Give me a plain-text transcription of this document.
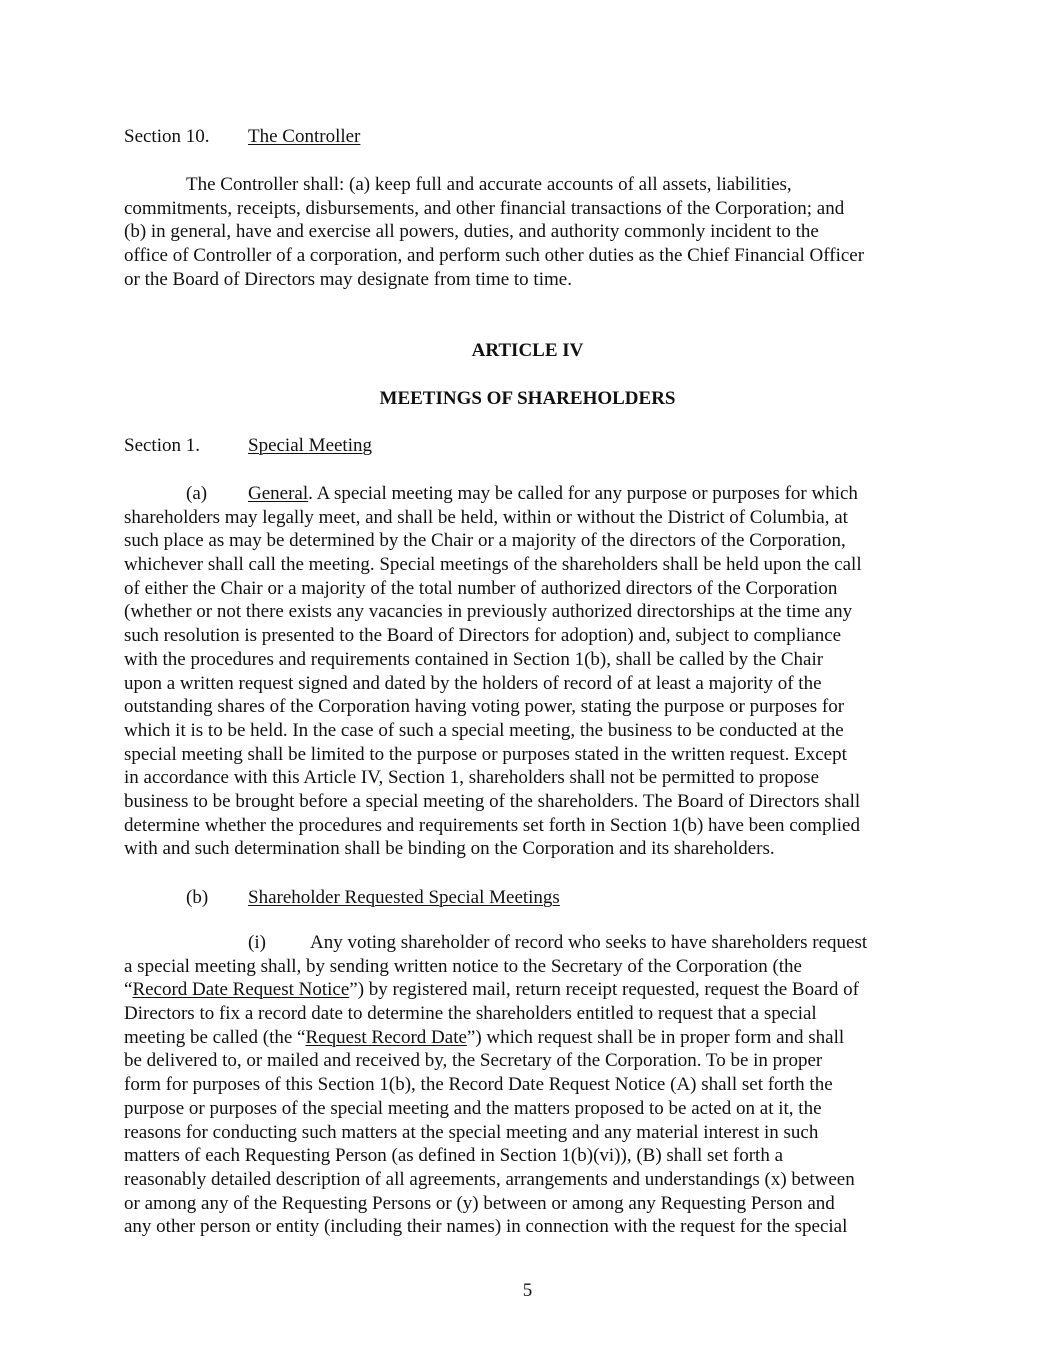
Section 10. The Controller
The Controller shall: (a) keep full and accurate accounts of all assets, liabilities,
commitments, receipts, disbursements, and other financial transactions of the Corporation; and
(b) in general, have and exercise all powers, duties, and authority commonly incident to the
office of Controller of a corporation, and perform such other duties as the Chief Financial Officer
or the Board of Directors may designate from time to time.
ARTICLE IV
MEETINGS OF SHAREHOLDERS
Section 1.	Special Meeting
(a) General. A special meeting may be called for any purpose or purposes for which
shareholders may legally meet, and shall be held, within or without the District of Columbia, at
such place as may be determined by the Chair or a majority of the directors of the Corporation,
whichever shall call the meeting. Special meetings of the shareholders shall be held upon the call
of either the Chair or a majority of the total number of authorized directors of the Corporation
(whether or not there exists any vacancies in previously authorized directorships at the time any
such resolution is presented to the Board of Directors for adoption) and, subject to compliance
with the procedures and requirements contained in Section 1(b), shall be called by the Chair
upon a written request signed and dated by the holders of record of at least a majority of the
outstanding shares of the Corporation having voting power, stating the purpose or purposes for
which it is to be held. In the case of such a special meeting, the business to be conducted at the
special meeting shall be limited to the purpose or purposes stated in the written request. Except
in accordance with this Article IV, Section 1, shareholders shall not be permitted to propose
business to be brought before a special meeting of the shareholders. The Board of Directors shall
determine whether the procedures and requirements set forth in Section 1(b) have been complied
with and such determination shall be binding on the Corporation and its shareholders.
(b) Shareholder Requested Special Meetings
(i) Any voting shareholder of record who seeks to have shareholders request
a special meeting shall, by sending written notice to the Secretary of the Corporation (the
“Record Date Request Notice”) by registered mail, return receipt requested, request the Board of
Directors to fix a record date to determine the shareholders entitled to request that a special
meeting be called (the “Request Record Date”) which request shall be in proper form and shall
be delivered to, or mailed and received by, the Secretary of the Corporation. To be in proper
form for purposes of this Section 1(b), the Record Date Request Notice (A) shall set forth the
purpose or purposes of the special meeting and the matters proposed to be acted on at it, the
reasons for conducting such matters at the special meeting and any material interest in such
matters of each Requesting Person (as defined in Section 1(b)(vi)), (B) shall set forth a
reasonably detailed description of all agreements, arrangements and understandings (x) between
or among any of the Requesting Persons or (y) between or among any Requesting Person and
any other person or entity (including their names) in connection with the request for the special
5
